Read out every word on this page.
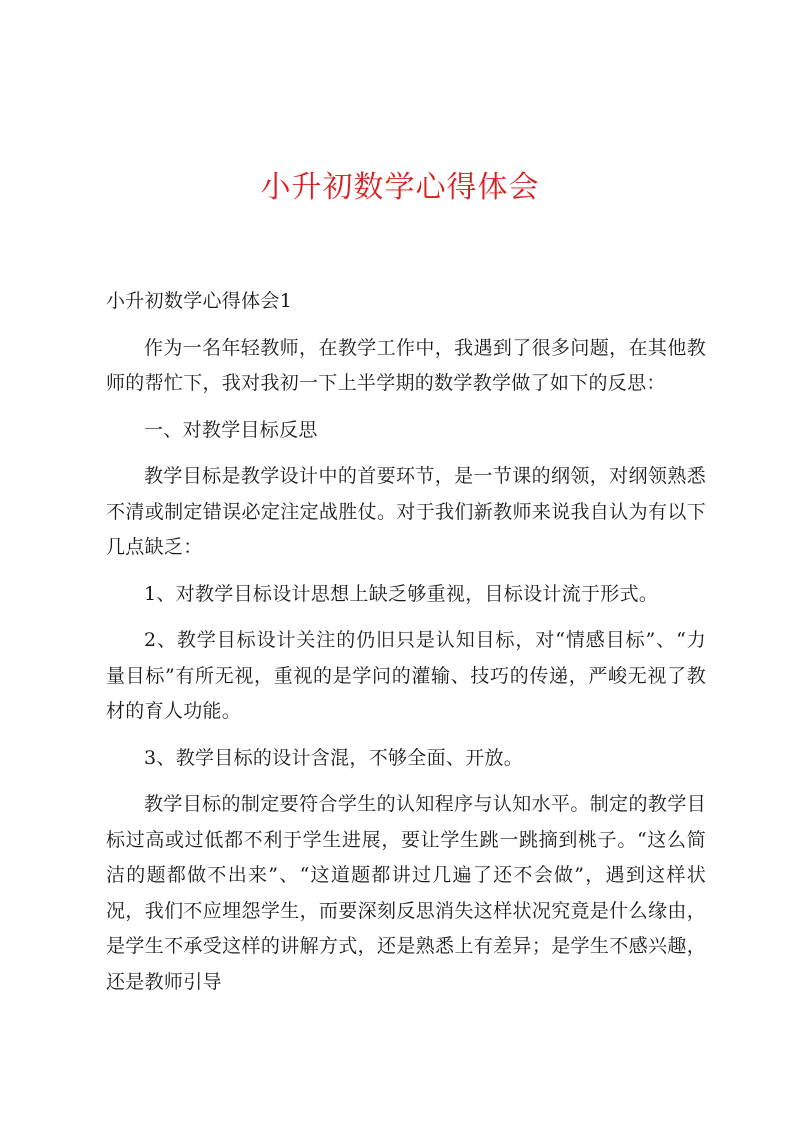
小升初数学心得体会

小升初数学心得体会1

作为一名年轻教师，在教学工作中，我遇到了很多问题，在其他教师的帮忙下，我对我初一下上半学期的数学教学做了如下的反思：

一、对教学目标反思

教学目标是教学设计中的首要环节，是一节课的纲领，对纲领熟悉不清或制定错误必定注定战胜仗。对于我们新教师来说我自认为有以下几点缺乏：

1、对教学目标设计思想上缺乏够重视，目标设计流于形式。

2、教学目标设计关注的仍旧只是认知目标，对“情感目标”、“力量目标”有所无视，重视的是学问的灌输、技巧的传递，严峻无视了教材的育人功能。

3、教学目标的设计含混，不够全面、开放。

教学目标的制定要符合学生的认知程序与认知水平。制定的教学目标过高或过低都不利于学生进展，要让学生跳一跳摘到桃子。“这么简洁的题都做不出来”、“这道题都讲过几遍了还不会做”，遇到这样状况，我们不应埋怨学生，而要深刻反思消失这样状况究竟是什么缘由，是学生不承受这样的讲解方式，还是熟悉上有差异；是学生不感兴趣，还是教师引导
